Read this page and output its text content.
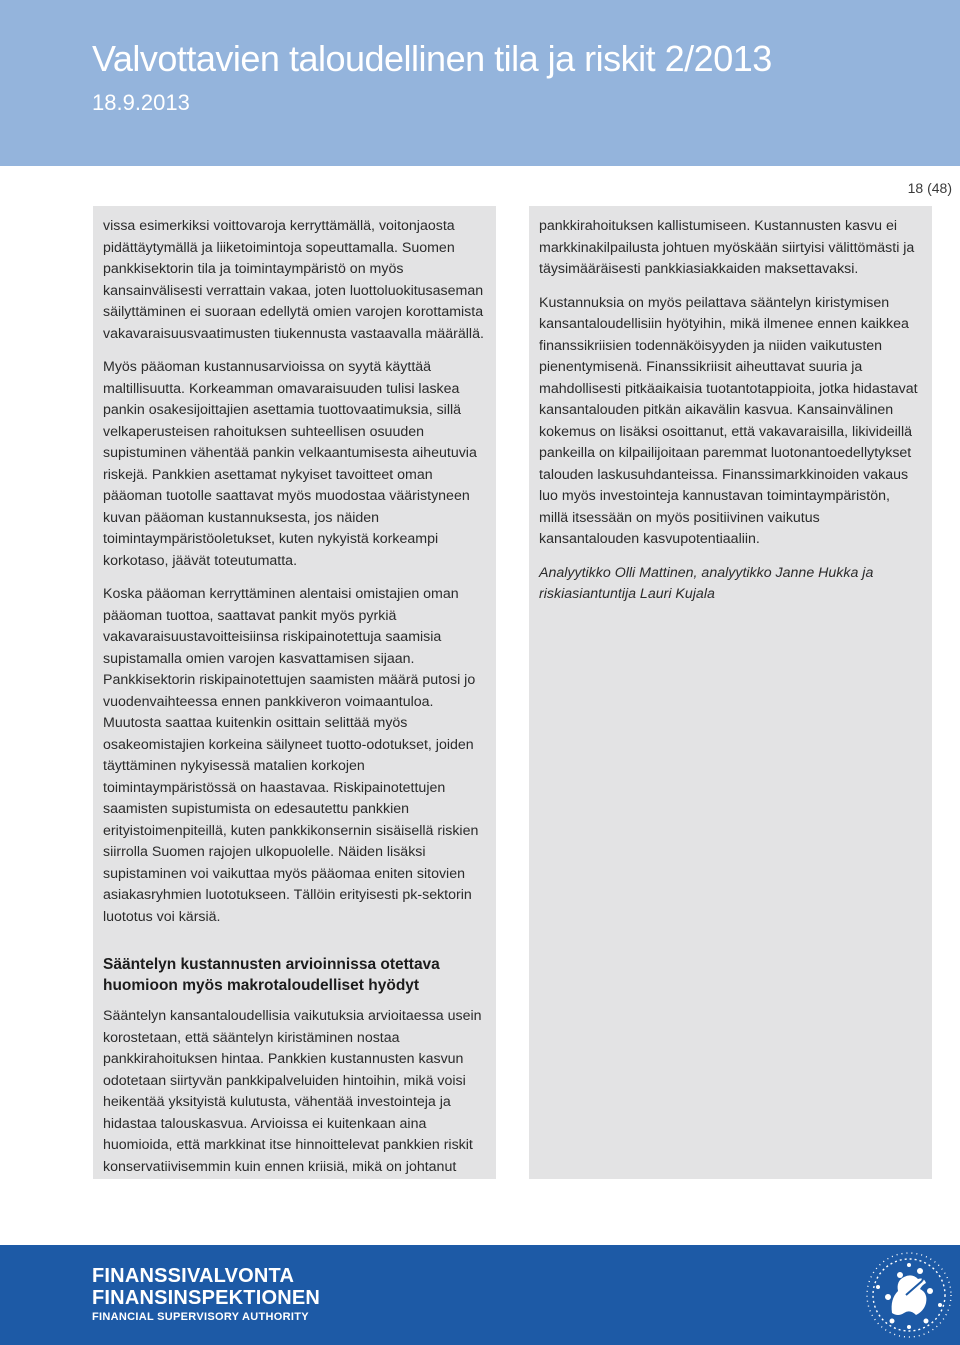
Valvottavien taloudellinen tila ja riskit 2/2013
18.9.2013
18 (48)

vissa esimerkiksi voittovaroja kerryttämällä, voitonjaosta pidättäytymällä ja liiketoimintoja sopeuttamalla. Suomen pankkisektorin tila ja toimintaympäristö on myös kansainvälisesti verrattain vakaa, joten luottoluokitusaseman säilyttäminen ei suoraan edellytä omien varojen korottamista vakavaraisuusvaatimusten tiukennusta vastaavalla määrällä.

Myös pääoman kustannusarvioissa on syytä käyttää maltillisuutta. Korkeamman omavaraisuuden tulisi laskea pankin osakesijoittajien asettamia tuottovaatimuksia, sillä velkaperusteisen rahoituksen suhteellisen osuuden supistuminen vähentää pankin velkaantumisesta aiheutuvia riskejä. Pankkien asettamat nykyiset tavoitteet oman pääoman tuotolle saattavat myös muodostaa vääristyneen kuvan pääoman kustannuksesta, jos näiden toimintaympäristöoletukset, kuten nykyistä korkeampi korkotaso, jäävät toteutumatta.

Koska pääoman kerryttäminen alentaisi omistajien oman pääoman tuottoa, saattavat pankit myös pyrkiä vakavaraisuustavoitteisiinsa riskipainotettuja saamisia supistamalla omien varojen kasvattamisen sijaan. Pankkisektorin riskipainotettujen saamisten määrä putosi jo vuodenvaihteessa ennen pankkiveron voimaantuloa. Muutosta saattaa kuitenkin osittain selittää myös osakeomistajien korkeina säilyneet tuotto-odotukset, joiden täyttäminen nykyisessä matalien korkojen toimintaympäristössä on haastavaa. Riskipainotettujen saamisten supistumista on edesautettu pankkien erityistoimenpiteillä, kuten pankkikonsernin sisäisellä riskien siirrolla Suomen rajojen ulkopuolelle. Näiden lisäksi supistaminen voi vaikuttaa myös pääomaa eniten sitovien asiakasryhmien luototukseen. Tällöin erityisesti pk-sektorin luototus voi kärsiä.

Sääntelyn kustannusten arvioinnissa otettava huomioon myös makrotaloudelliset hyödyt

Sääntelyn kansantaloudellisia vaikutuksia arvioitaessa usein korostetaan, että sääntelyn kiristäminen nostaa pankkirahoituksen hintaa. Pankkien kustannusten kasvun odotetaan siirtyvän pankkipalveluiden hintoihin, mikä voisi heikentää yksityistä kulutusta, vähentää investointeja ja hidastaa talouskasvua. Arvioissa ei kuitenkaan aina huomioida, että markkinat itse hinnoittelevat pankkien riskit konservatiivisemmin kuin ennen kriisiä, mikä on johtanut

pankkirahoituksen kallistumiseen. Kustannusten kasvu ei markkinakilpailusta johtuen myöskään siirtyisi välittömästi ja täysimääräisesti pankkiasiakkaiden maksettavaksi.

Kustannuksia on myös peilattava sääntelyn kiristymisen kansantaloudellisiin hyötyihin, mikä ilmenee ennen kaikkea finanssikriisien todennäköisyyden ja niiden vaikutusten pienentymisenä. Finanssikriisit aiheuttavat suuria ja mahdollisesti pitkäaikaisia tuotantotappioita, jotka hidastavat kansantalouden pitkän aikavälin kasvua. Kansainvälinen kokemus on lisäksi osoittanut, että vakavaraisilla, likivideillä pankeilla on kilpailijoitaan paremmat luotonantoedellytykset talouden laskusuhdanteissa. Finanssimarkkinoiden vakaus luo myös investointeja kannustavan toimintaympäristön, millä itsessään on myös positiivinen vaikutus kansantalouden kasvupotentiaaliin.

Analyytikko Olli Mattinen, analyytikko Janne Hukka ja riskiasiantuntija Lauri Kujala

FINANSSIVALVONTA
FINANSINSPEKTIONEN
FINANCIAL SUPERVISORY AUTHORITY
